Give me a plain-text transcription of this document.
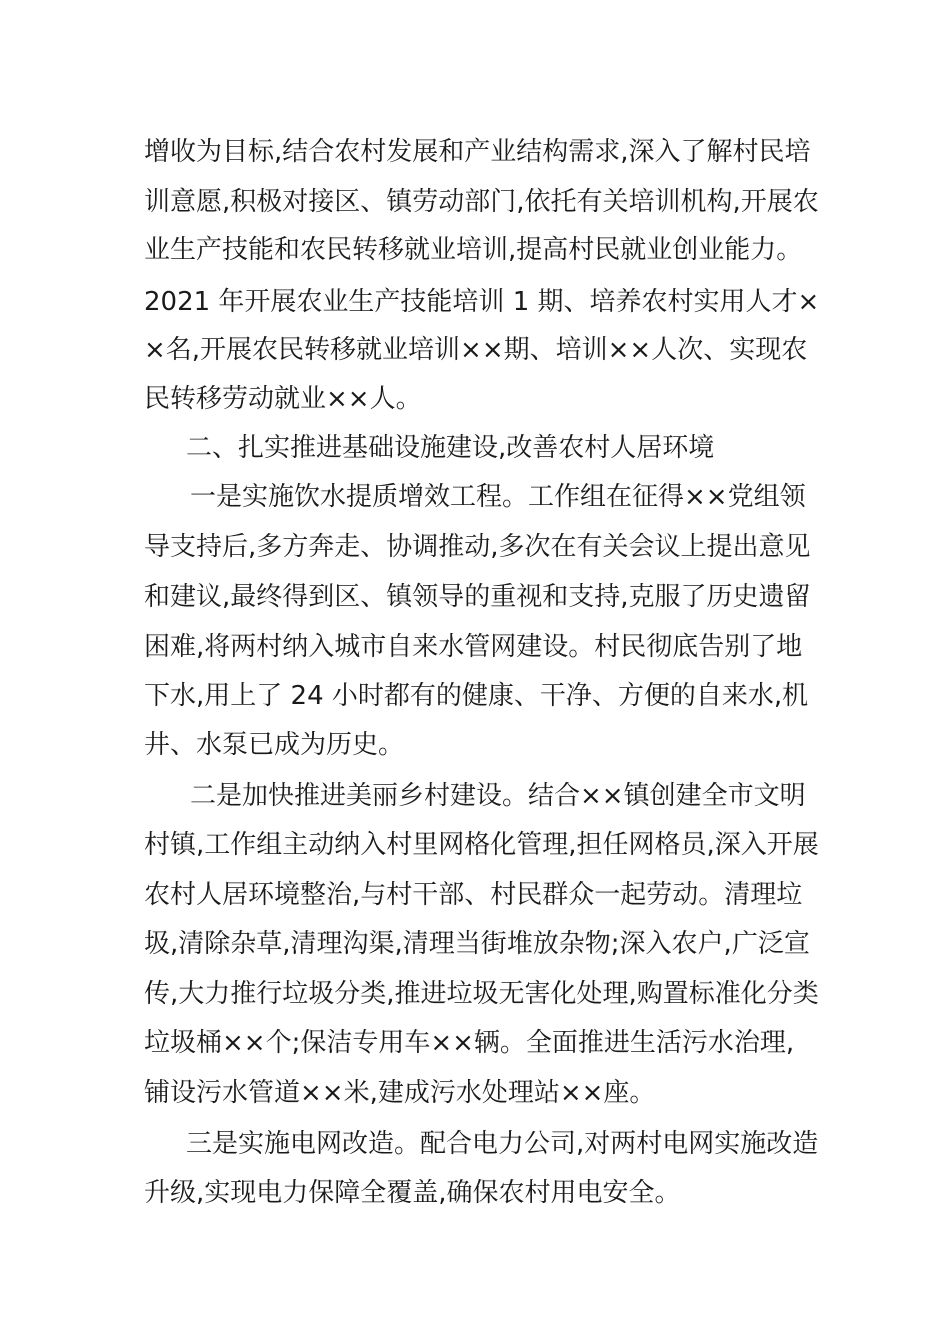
增收为目标,结合农村发展和产业结构需求,深入了解村民培
训意愿,积极对接区、镇劳动部门,依托有关培训机构,开展农
业生产技能和农民转移就业培训,提高村民就业创业能力。
2021 年开展农业生产技能培训 1 期、培养农村实用人才×
×名,开展农民转移就业培训××期、培训××人次、实现农
民转移劳动就业××人。
二、扎实推进基础设施建设,改善农村人居环境
一是实施饮水提质增效工程。工作组在征得××党组领
导支持后,多方奔走、协调推动,多次在有关会议上提出意见
和建议,最终得到区、镇领导的重视和支持,克服了历史遗留
困难,将两村纳入城市自来水管网建设。村民彻底告别了地
下水,用上了 24 小时都有的健康、干净、方便的自来水,机
井、水泵已成为历史。
二是加快推进美丽乡村建设。结合××镇创建全市文明
村镇,工作组主动纳入村里网格化管理,担任网格员,深入开展
农村人居环境整治,与村干部、村民群众一起劳动。清理垃
圾,清除杂草,清理沟渠,清理当街堆放杂物;深入农户,广泛宣
传,大力推行垃圾分类,推进垃圾无害化处理,购置标准化分类
垃圾桶××个;保洁专用车××辆。全面推进生活污水治理,
铺设污水管道××米,建成污水处理站××座。
三是实施电网改造。配合电力公司,对两村电网实施改造
升级,实现电力保障全覆盖,确保农村用电安全。
